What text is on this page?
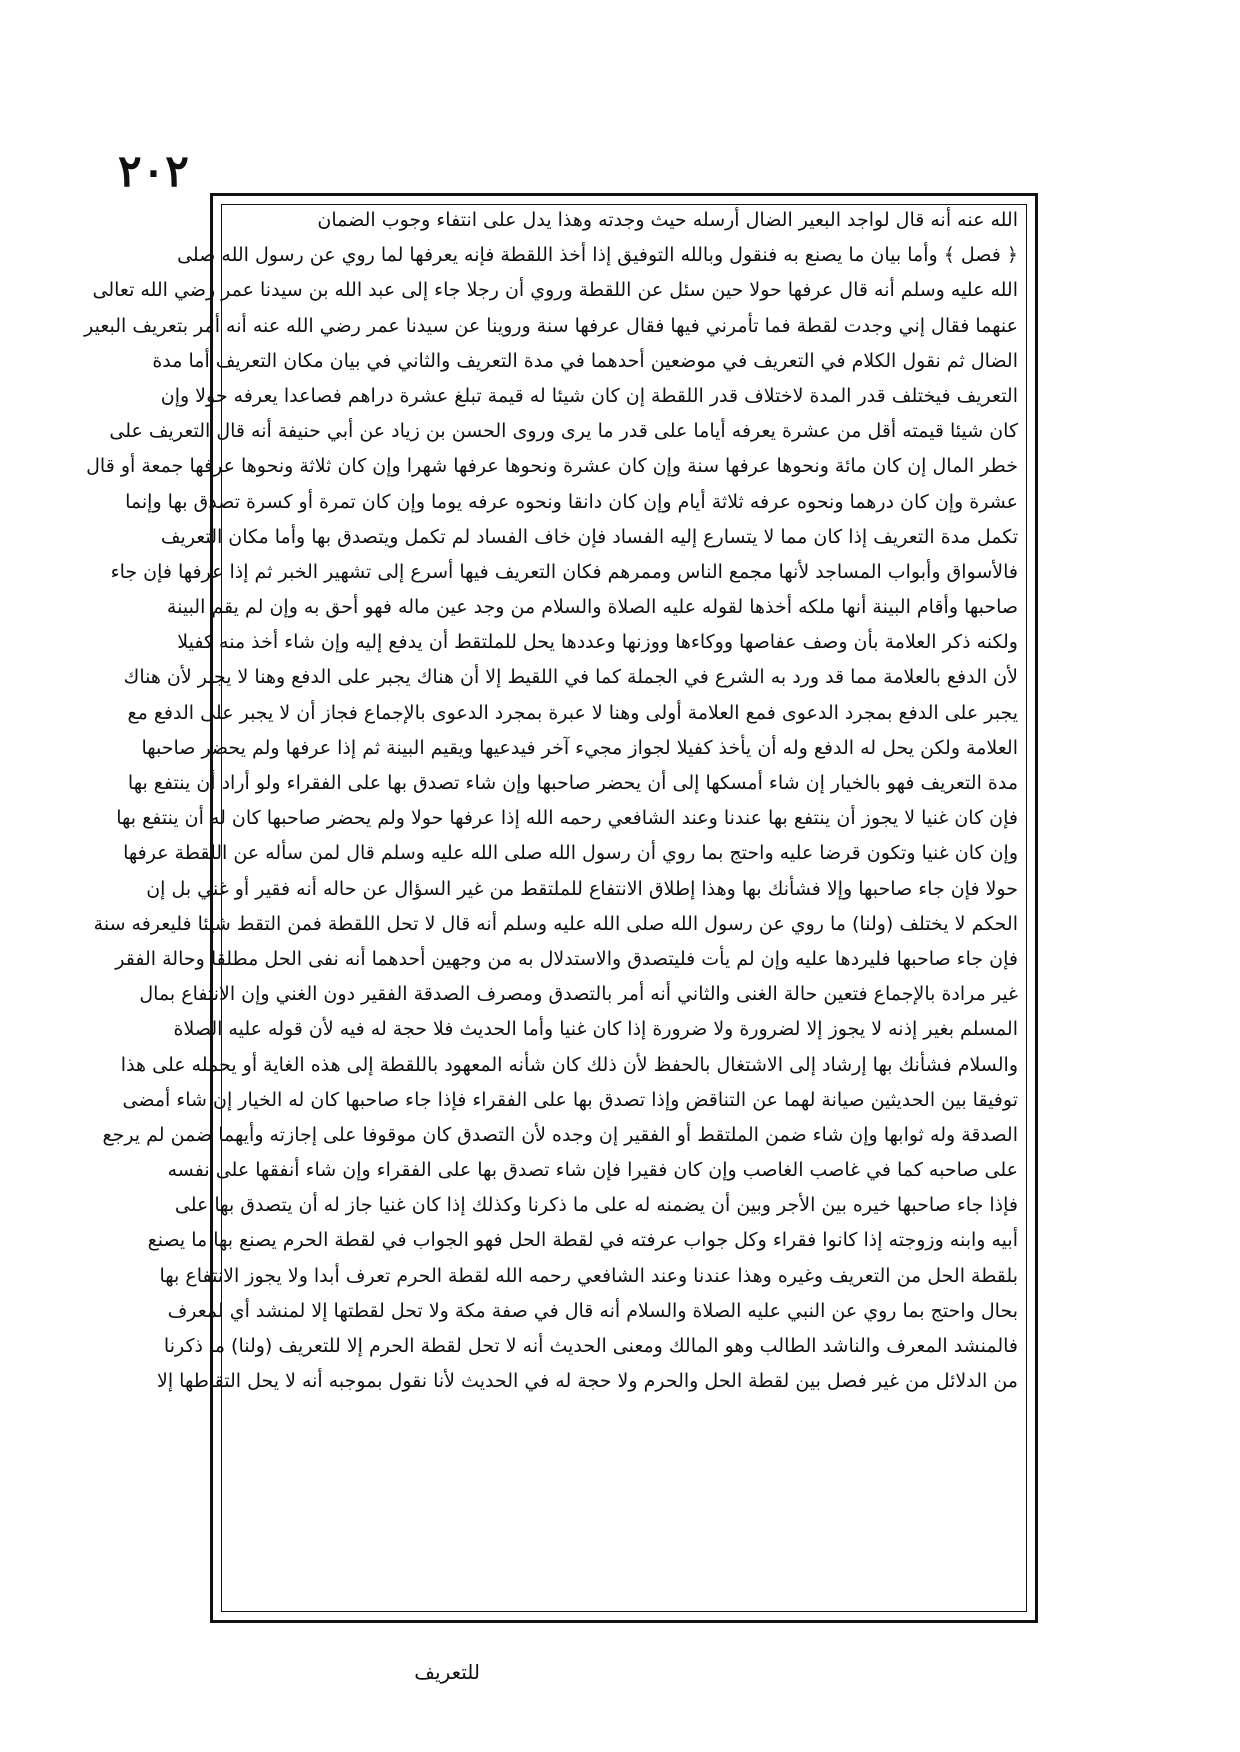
٢٠٢
الله عنه أنه قال لواجد البعير الضال أرسله حيث وجدته وهذا يدل على انتفاء وجوب الضمان
﴿ فصل ﴾ وأما بيان ما يصنع به فنقول وبالله التوفيق إذا أخذ اللقطة فإنه يعرفها لما روي عن رسول الله صلى
الله عليه وسلم أنه قال عرفها حولا حين سئل عن اللقطة وروي أن رجلا جاء إلى عبد الله بن سيدنا عمر رضي الله تعالى
عنهما فقال إني وجدت لقطة فما تأمرني فيها فقال عرفها سنة وروينا عن سيدنا عمر رضي الله عنه أنه أمر بتعريف البعير
الضال ثم نقول الكلام في التعريف في موضعين أحدهما في مدة التعريف والثاني في بيان مكان التعريف أما مدة
التعريف فيختلف قدر المدة لاختلاف قدر اللقطة إن كان شيئا له قيمة تبلغ عشرة دراهم فصاعدا يعرفه حولا وإن
كان شيئا قيمته أقل من عشرة يعرفه أياما على قدر ما يرى وروى الحسن بن زياد عن أبي حنيفة أنه قال التعريف على
خطر المال إن كان مائة ونحوها عرفها سنة وإن كان عشرة ونحوها عرفها شهرا وإن كان ثلاثة ونحوها عرفها جمعة أو قال
عشرة وإن كان درهما ونحوه عرفه ثلاثة أيام وإن كان دانقا ونحوه عرفه يوما وإن كان تمرة أو كسرة تصدق بها وإنما
تكمل مدة التعريف إذا كان مما لا يتسارع إليه الفساد فإن خاف الفساد لم تكمل ويتصدق بها وأما مكان التعريف
فالأسواق وأبواب المساجد لأنها مجمع الناس وممرهم فكان التعريف فيها أسرع إلى تشهير الخبر ثم إذا عرفها فإن جاء
صاحبها وأقام البينة أنها ملكه أخذها لقوله عليه الصلاة والسلام من وجد عين ماله فهو أحق به وإن لم يقم البينة
ولكنه ذكر العلامة بأن وصف عفاصها ووكاءها ووزنها وعددها يحل للملتقط أن يدفع إليه وإن شاء أخذ منه كفيلا
لأن الدفع بالعلامة مما قد ورد به الشرع في الجملة كما في اللقيط إلا أن هناك يجبر على الدفع وهنا لا يجبر لأن هناك
يجبر على الدفع بمجرد الدعوى فمع العلامة أولى وهنا لا عبرة بمجرد الدعوى بالإجماع فجاز أن لا يجبر على الدفع مع
العلامة ولكن يحل له الدفع وله أن يأخذ كفيلا لجواز مجيء آخر فيدعيها ويقيم البينة ثم إذا عرفها ولم يحضر صاحبها
مدة التعريف فهو بالخيار إن شاء أمسكها إلى أن يحضر صاحبها وإن شاء تصدق بها على الفقراء ولو أراد أن ينتفع بها
فإن كان غنيا لا يجوز أن ينتفع بها عندنا وعند الشافعي رحمه الله إذا عرفها حولا ولم يحضر صاحبها كان له أن ينتفع بها
وإن كان غنيا وتكون قرضا عليه واحتج بما روي أن رسول الله صلى الله عليه وسلم قال لمن سأله عن اللقطة عرفها
حولا فإن جاء صاحبها وإلا فشأنك بها وهذا إطلاق الانتفاع للملتقط من غير السؤال عن حاله أنه فقير أو غني بل إن
الحكم لا يختلف (ولنا) ما روي عن رسول الله صلى الله عليه وسلم أنه قال لا تحل اللقطة فمن التقط شيئا فليعرفه سنة
فإن جاء صاحبها فليردها عليه وإن لم يأت فليتصدق والاستدلال به من وجهين أحدهما أنه نفى الحل مطلقا وحالة الفقر
غير مرادة بالإجماع فتعين حالة الغنى والثاني أنه أمر بالتصدق ومصرف الصدقة الفقير دون الغني وإن الانتفاع بمال
المسلم بغير إذنه لا يجوز إلا لضرورة ولا ضرورة إذا كان غنيا وأما الحديث فلا حجة له فيه لأن قوله عليه الصلاة
والسلام فشأنك بها إرشاد إلى الاشتغال بالحفظ لأن ذلك كان شأنه المعهود باللقطة إلى هذه الغاية أو يحمله على هذا
توفيقا بين الحديثين صيانة لهما عن التناقض وإذا تصدق بها على الفقراء فإذا جاء صاحبها كان له الخيار إن شاء أمضى
الصدقة وله ثوابها وإن شاء ضمن الملتقط أو الفقير إن وجده لأن التصدق كان موقوفا على إجازته وأيهما ضمن لم يرجع
على صاحبه كما في غاصب الغاصب وإن كان فقيرا فإن شاء تصدق بها على الفقراء وإن شاء أنفقها على نفسه
فإذا جاء صاحبها خيره بين الأجر وبين أن يضمنه له على ما ذكرنا وكذلك إذا كان غنيا جاز له أن يتصدق بها على
أبيه وابنه وزوجته إذا كانوا فقراء وكل جواب عرفته في لقطة الحل فهو الجواب في لقطة الحرم يصنع بها ما يصنع
بلقطة الحل من التعريف وغيره وهذا عندنا وعند الشافعي رحمه الله لقطة الحرم تعرف أبدا ولا يجوز الانتفاع بها
بحال واحتج بما روي عن النبي عليه الصلاة والسلام أنه قال في صفة مكة ولا تحل لقطتها إلا لمنشد أي لمعرف
فالمنشد المعرف والناشد الطالب وهو المالك ومعنى الحديث أنه لا تحل لقطة الحرم إلا للتعريف (ولنا) ما ذكرنا
من الدلائل من غير فصل بين لقطة الحل والحرم ولا حجة له في الحديث لأنا نقول بموجبه أنه لا يحل التقاطها إلا
للتعريف
